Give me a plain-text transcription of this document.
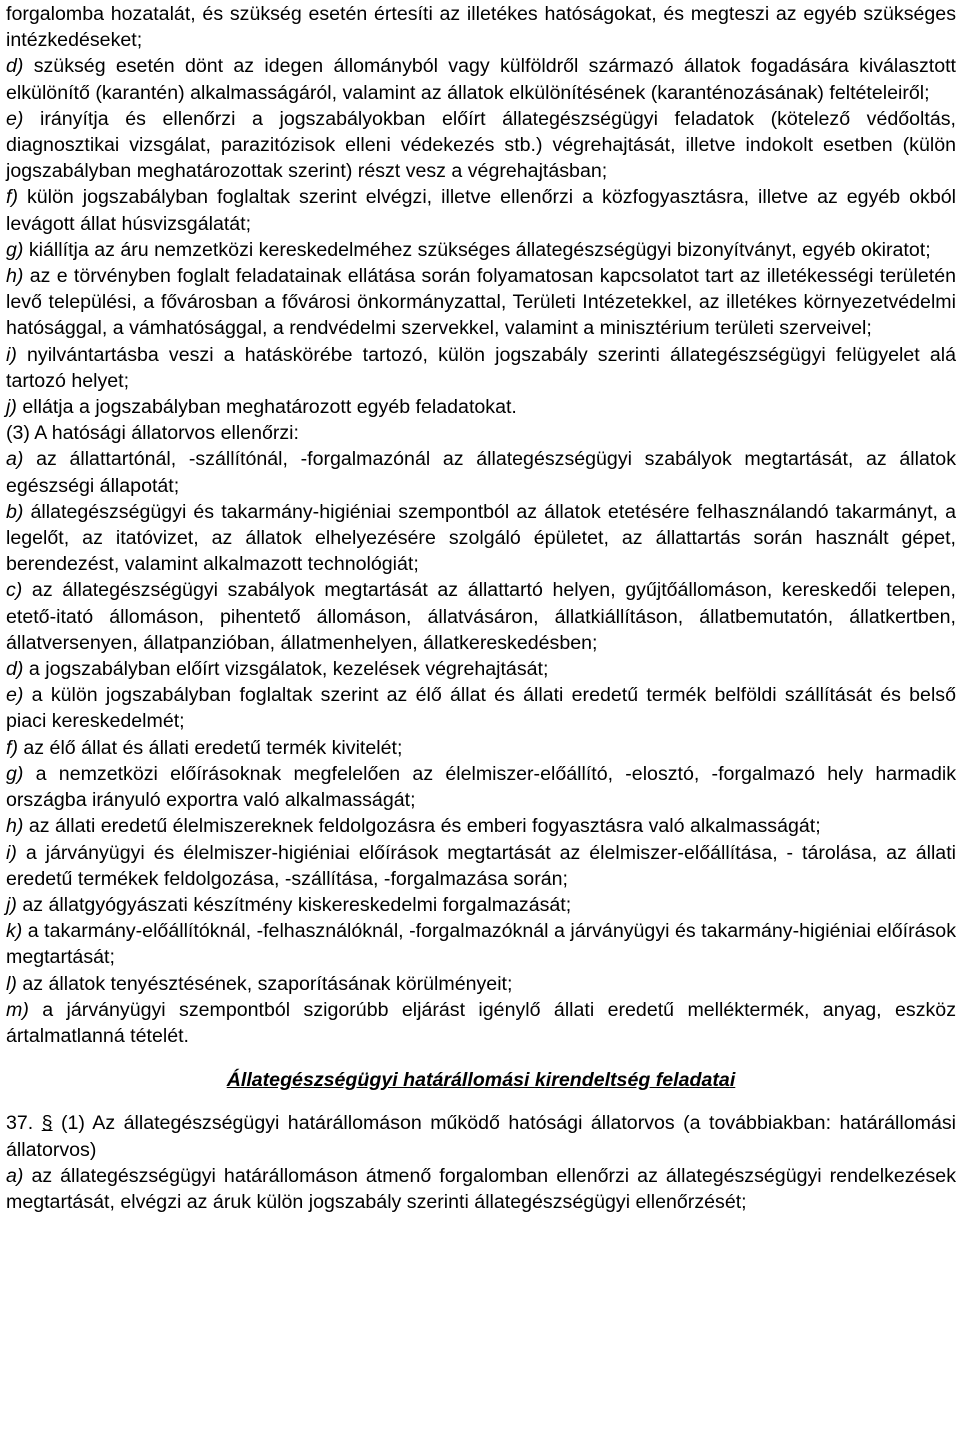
forgalomba hozatalát, és szükség esetén értesíti az illetékes hatóságokat, és megteszi az egyéb szükséges intézkedéseket;

d) szükség esetén dönt az idegen állományból vagy külföldről származó állatok fogadására kiválasztott elkülönítő (karantén) alkalmasságáról, valamint az állatok elkülönítésének (karanténozásának) feltételeiről;

e) irányítja és ellenőrzi a jogszabályokban előírt állategészségügyi feladatok (kötelező védőoltás, diagnosztikai vizsgálat, parazitózisok elleni védekezés stb.) végrehajtását, illetve indokolt esetben (külön jogszabályban meghatározottak szerint) részt vesz a végrehajtásban;

f) külön jogszabályban foglaltak szerint elvégzi, illetve ellenőrzi a közfogyasztásra, illetve az egyéb okból levágott állat húsvizsgálatát;

g) kiállítja az áru nemzetközi kereskedelméhez szükséges állategészségügyi bizonyítványt, egyéb okiratot;

h) az e törvényben foglalt feladatainak ellátása során folyamatosan kapcsolatot tart az illetékességi területén levő települési, a fővárosban a fővárosi önkormányzattal, Területi Intézetekkel, az illetékes környezetvédelmi hatósággal, a vámhatósággal, a rendvédelmi szervekkel, valamint a minisztérium területi szerveivel;

i) nyilvántartásba veszi a hatáskörébe tartozó, külön jogszabály szerinti állategészségügyi felügyelet alá tartozó helyet;

j) ellátja a jogszabályban meghatározott egyéb feladatokat.

(3) A hatósági állatorvos ellenőrzi:

a) az állattartónál, -szállítónál, -forgalmazónál az állategészségügyi szabályok megtartását, az állatok egészségi állapotát;

b) állategészségügyi és takarmány-higiéniai szempontból az állatok etetésére felhasználandó takarmányt, a legelőt, az itatóvizet, az állatok elhelyezésére szolgáló épületet, az állattartás során használt gépet, berendezést, valamint alkalmazott technológiát;

c) az állategészségügyi szabályok megtartását az állattartó helyen, gyűjtőállomáson, kereskedői telepen, etető-itató állomáson, pihentető állomáson, állatvásáron, állatkiállításon, állatbemutatón, állatkertben, állatversenyen, állatpanzióban, állatmenhelyen, állatkereskedésben;

d) a jogszabályban előírt vizsgálatok, kezelések végrehajtását;

e) a külön jogszabályban foglaltak szerint az élő állat és állati eredetű termék belföldi szállítását és belső piaci kereskedelmét;

f) az élő állat és állati eredetű termék kivitelét;

g) a nemzetközi előírásoknak megfelelően az élelmiszer-előállító, -elosztó, -forgalmazó hely harmadik országba irányuló exportra való alkalmasságát;

h) az állati eredetű élelmiszereknek feldolgozásra és emberi fogyasztásra való alkalmasságát;

i) a járványügyi és élelmiszer-higiéniai előírások megtartását az élelmiszer-előállítása, - tárolása, az állati eredetű termékek feldolgozása, -szállítása, -forgalmazása során;

j) az állatgyógyászati készítmény kiskereskedelmi forgalmazását;

k) a takarmány-előállítóknál, -felhasználóknál, -forgalmazóknál a járványügyi és takarmány-higiéniai előírások megtartását;

l) az állatok tenyésztésének, szaporításának körülményeit;

m) a járványügyi szempontból szigorúbb eljárást igénylő állati eredetű melléktermék, anyag, eszköz ártalmatlanná tételét.

Állategészségügyi határállomási kirendeltség feladatai

37. § (1) Az állategészségügyi határállomáson működő hatósági állatorvos (a továbbiakban: határállomási állatorvos)

a) az állategészségügyi határállomáson átmenő forgalomban ellenőrzi az állategészségügyi rendelkezések megtartását, elvégzi az áruk külön jogszabály szerinti állategészségügyi ellenőrzését;
